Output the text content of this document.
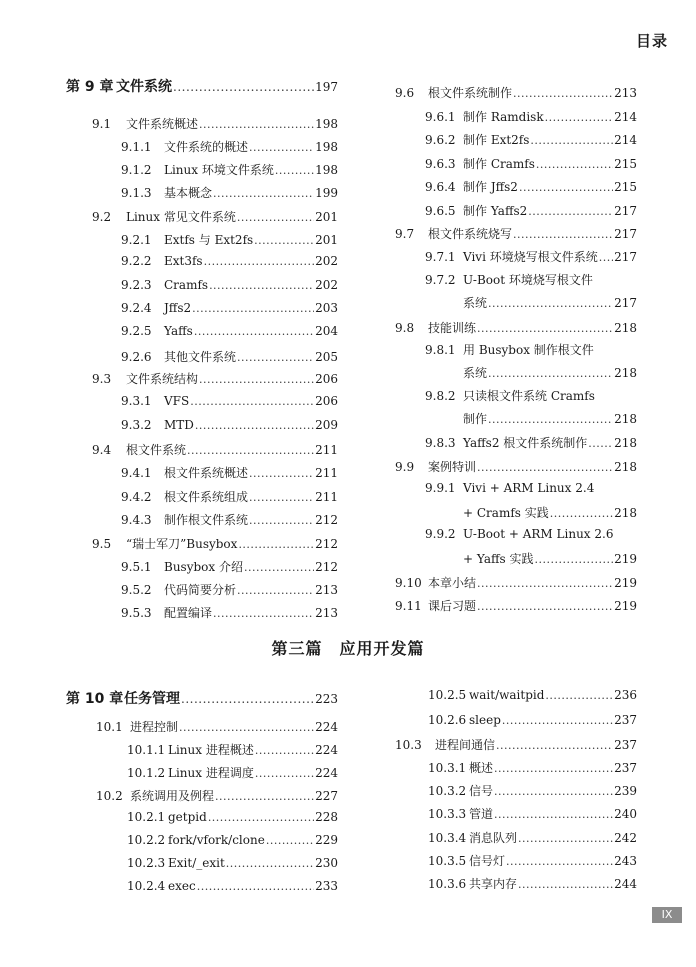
目录
第 9 章 文件系统 .....	197
9.1	文件系统概述 .....	198
9.1.1	文件系统的概述 .....	198
9.1.2	Linux 环境文件系统 .....	198
9.1.3	基本概念 .....	199
9.2	Linux 常见文件系统 .....	201
9.2.1	Extfs 与 Ext2fs .....	201
9.2.2	Ext3fs .....	202
9.2.3	Cramfs .....	202
9.2.4	Jffs2 .....	203
9.2.5	Yaffs .....	204
9.2.6	其他文件系统 .....	205
9.3	文件系统结构 .....	206
9.3.1	VFS .....	206
9.3.2	MTD .....	209
9.4	根文件系统 .....	211
9.4.1	根文件系统概述 .....	211
9.4.2	根文件系统组成 .....	211
9.4.3	制作根文件系统 .....	212
9.5	“瑞士军刀”Busybox .....	212
9.5.1	Busybox 介绍 .....	212
9.5.2	代码简要分析 .....	213
9.5.3	配置编译 .....	213
9.6	根文件系统制作 .....	213
9.6.1 制作 Ramdisk .....	214
9.6.2 制作 Ext2fs .....	214
9.6.3 制作 Cramfs .....	215
9.6.4 制作 Jffs2 .....	215
9.6.5 制作 Yaffs2 .....	217
9.7	根文件系统烧写 .....	217
9.7.1 Vivi 环境烧写根文件系统 ..... 217
9.7.2 U-Boot 环境烧写根文件
系统 .....	217
9.8	技能训练 .....	218
9.8.1 用 Busybox 制作根文件
系统 .....	218
9.8.2 只读根文件系统 Cramfs
制作 .....	218
9.8.3 Yaffs2 根文件系统制作 ..... 218
9.9	案例特训 .....	218
9.9.1 Vivi + ARM Linux 2.4
+ Cramfs 实践 .....	218
9.9.2 U-Boot + ARM Linux 2.6
+ Yaffs 实践 .....	219
9.10 本章小结 .....	219
9.11 课后习题 .....	219
第三篇　应用开发篇
第 10 章 任务管理 .....	223
10.1 进程控制 .....	224
10.1.1 Linux 进程概述 .....	224
10.1.2 Linux 进程调度 .....	224
10.2 系统调用及例程 .....	227
10.2.1 getpid .....	228
10.2.2 fork/vfork/clone .....	229
10.2.3 Exit/_exit .....	230
10.2.4 exec .....	233
10.2.5 wait/waitpid .....	236
10.2.6 sleep .....	237
10.3	进程间通信 .....	237
10.3.1 概述 .....	237
10.3.2 信号 .....	239
10.3.3 管道 .....	240
10.3.4 消息队列 .....	242
10.3.5 信号灯 .....	243
10.3.6 共享内存 .....	244
IX
